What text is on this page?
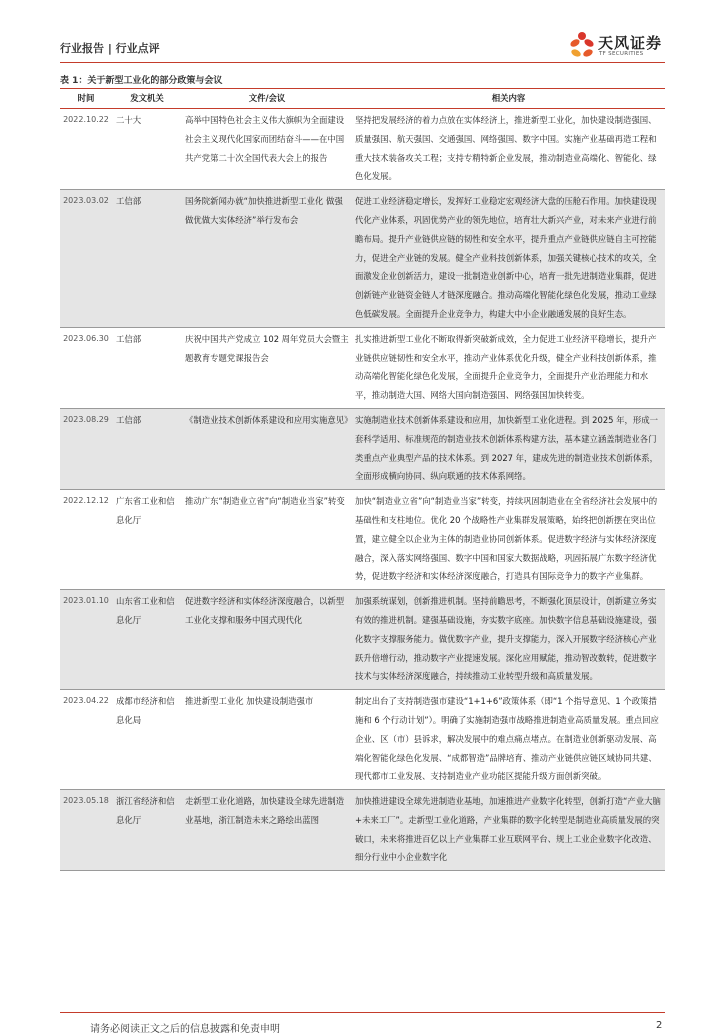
行业报告 | 行业点评	天风证券
TF SECURITIES
表 1：关于新型工业化的部分政策与会议
时间	发文机关	文件/会议	相关内容
2022.10.22	二十大	高举中国特色社会主义伟大旗帜为全面建设社会主义现代化国家而团结奋斗——在中国共产党第二十次全国代表大会上的报告	坚持把发展经济的着力点放在实体经济上，推进新型工业化，加快建设制造强国、质量强国、航天强国、交通强国、网络强国、数字中国。实施产业基础再造工程和重大技术装备攻关工程；支持专精特新企业发展，推动制造业高端化、智能化、绿色化发展。
2023.03.02	工信部	国务院新闻办就“加快推进新型工业化 做强做优做大实体经济”举行发布会	促进工业经济稳定增长，发挥好工业稳定宏观经济大盘的压舱石作用。加快建设现代化产业体系，巩固优势产业的领先地位，培育壮大新兴产业，对未来产业进行前瞻布局。提升产业链供应链的韧性和安全水平，提升重点产业链供应链自主可控能力，促进全产业链的发展。健全产业科技创新体系，加强关键核心技术的攻关，全面激发企业创新活力，建设一批制造业创新中心，培育一批先进制造业集群，促进创新链产业链资金链人才链深度融合。推动高端化智能化绿色化发展，推动工业绿色低碳发展。全面提升企业竞争力，构建大中小企业融通发展的良好生态。
2023.06.30	工信部	庆祝中国共产党成立 102 周年党员大会暨主题教育专题党课报告会	扎实推进新型工业化不断取得新突破新成效，全力促进工业经济平稳增长，提升产业链供应链韧性和安全水平，推动产业体系优化升级，健全产业科技创新体系，推动高端化智能化绿色化发展，全面提升企业竞争力，全面提升产业治理能力和水平，推动制造大国、网络大国向制造强国、网络强国加快转变。
2023.08.29	工信部	《制造业技术创新体系建设和应用实施意见》	实施制造业技术创新体系建设和应用，加快新型工业化进程。到 2025 年，形成一套科学适用、标准规范的制造业技术创新体系构建方法，基本建立涵盖制造业各门类重点产业典型产品的技术体系。到 2027 年，建成先进的制造业技术创新体系，全面形成横向协同、纵向联通的技术体系网络。
2022.12.12	广东省工业和信息化厅	推动广东“制造业立省”向“制造业当家”转变	加快“制造业立省”向“制造业当家”转变，持续巩固制造业在全省经济社会发展中的基础性和支柱地位。优化 20 个战略性产业集群发展策略，始终把创新摆在突出位置，建立健全以企业为主体的制造业协同创新体系。促进数字经济与实体经济深度融合，深入落实网络强国、数字中国和国家大数据战略，巩固拓展广东数字经济优势，促进数字经济和实体经济深度融合，打造具有国际竞争力的数字产业集群。
2023.01.10	山东省工业和信息化厅	促进数字经济和实体经济深度融合，以新型工业化支撑和服务中国式现代化	加强系统谋划，创新推进机制。坚持前瞻思考，不断强化顶层设计，创新建立务实有效的推进机制。建强基础设施，夯实数字底座。加快数字信息基础设施建设，强化数字支撑服务能力。做优数字产业，提升支撑能力，深入开展数字经济核心产业跃升倍增行动，推动数字产业提速发展。深化应用赋能，推动智改数转，促进数字技术与实体经济深度融合，持续推动工业转型升级和高质量发展。
2023.04.22	成都市经济和信息化局	推进新型工业化 加快建设制造强市	制定出台了支持制造强市建设“1+1+6”政策体系（即“1 个指导意见、1 个政策措施和 6 个行动计划”）。明确了实施制造强市战略推进制造业高质量发展。重点回应企业、区（市）县诉求，解决发展中的难点痛点堵点。在制造业创新驱动发展、高端化智能化绿色化发展、“成都智造”品牌培育、推动产业链供应链区域协同共建、现代都市工业发展、支持制造业产业功能区提能升级方面创新突破。
2023.05.18	浙江省经济和信息化厅	走新型工业化道路，加快建设全球先进制造业基地，浙江制造未来之路绘出蓝图	加快推进建设全球先进制造业基地，加速推进产业数字化转型，创新打造“产业大脑+未来工厂”。走新型工业化道路，产业集群的数字化转型是制造业高质量发展的突破口，未来将推进百亿以上产业集群工业互联网平台、规上工业企业数字化改造、细分行业中小企业数字化
请务必阅读正文之后的信息披露和免责申明	2
